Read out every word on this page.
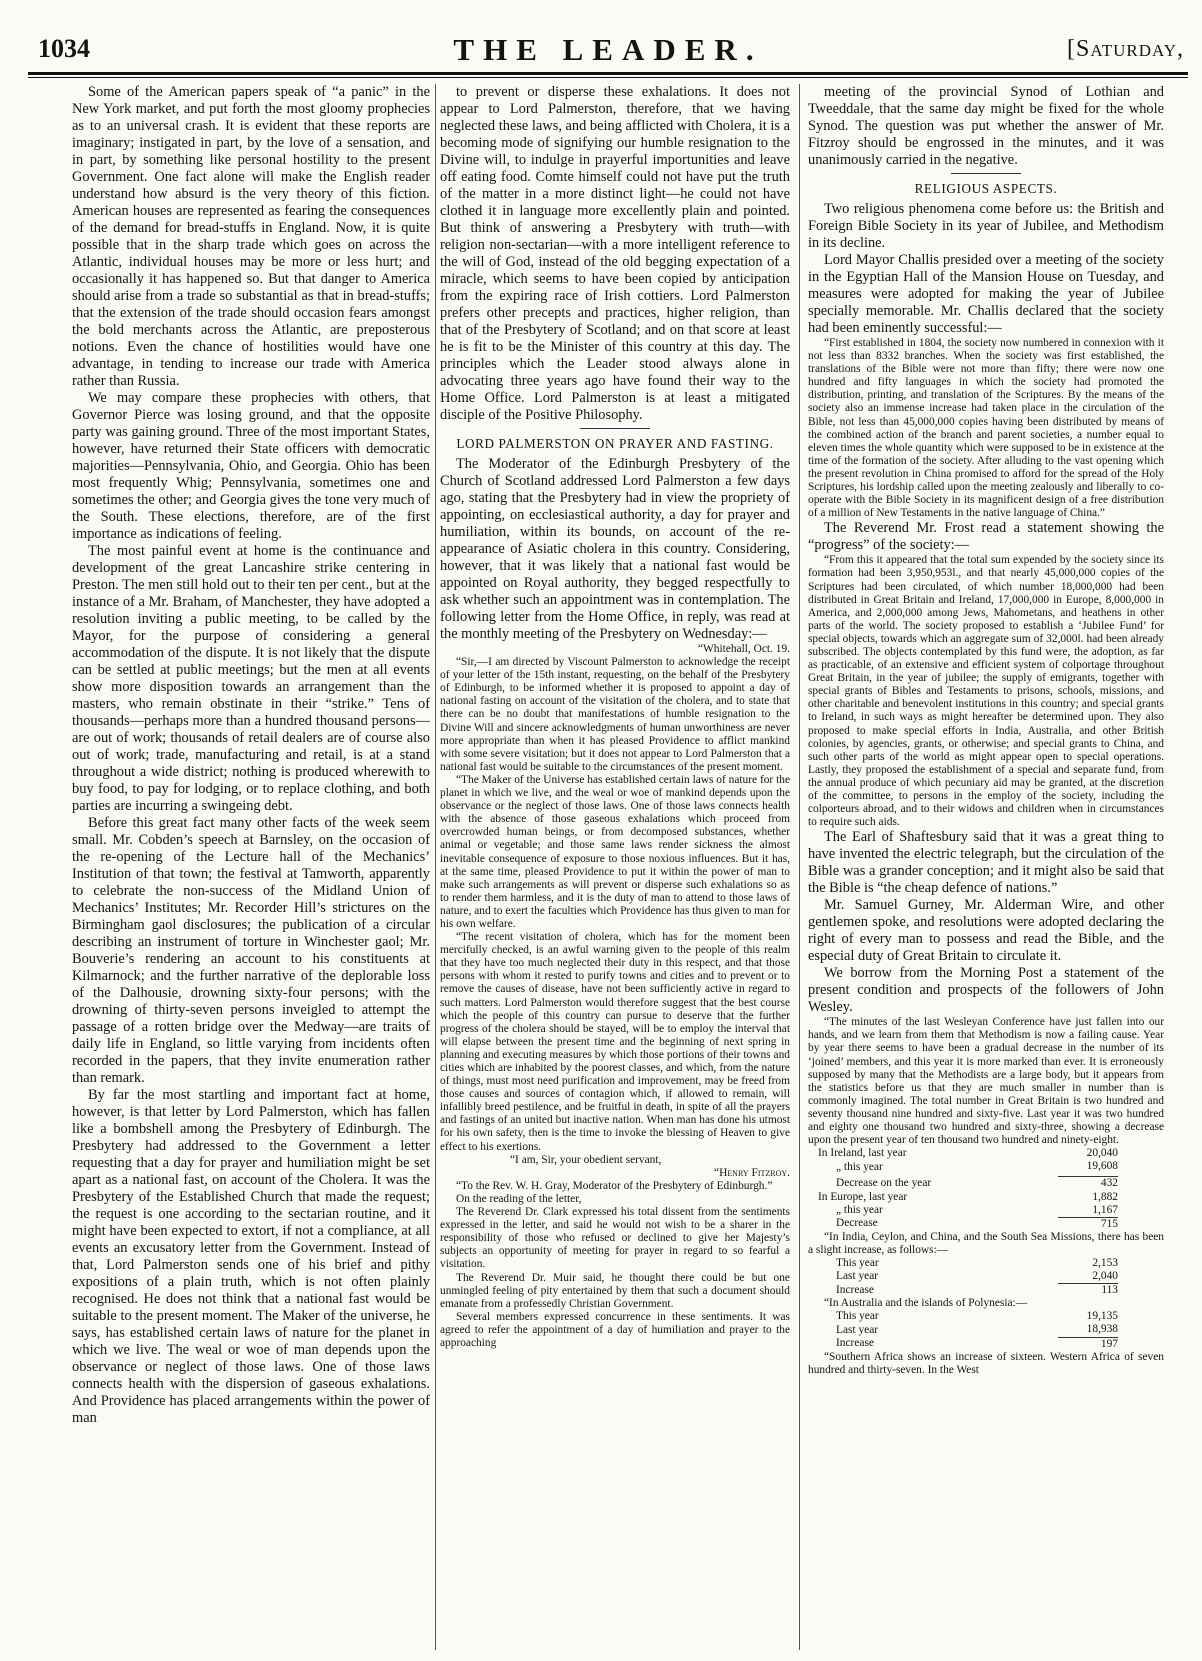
1034	THE LEADER.	[Saturday,

Some of the American papers speak of “a panic” in the New York market, and put forth the most gloomy prophecies as to an universal crash. It is evident that these reports are imaginary; instigated in part, by the love of a sensation, and in part, by something like personal hostility to the present Government. One fact alone will make the English reader understand how absurd is the very theory of this fiction. American houses are represented as fearing the consequences of the demand for bread-stuffs in England. Now, it is quite possible that in the sharp trade which goes on across the Atlantic, individual houses may be more or less hurt; and occasionally it has happened so. But that danger to America should arise from a trade so substantial as that in bread-stuffs; that the extension of the trade should occasion fears amongst the bold merchants across the Atlantic, are preposterous notions. Even the chance of hostilities would have one advantage, in tending to increase our trade with America rather than Russia.

We may compare these prophecies with others, that Governor Pierce was losing ground, and that the opposite party was gaining ground. Three of the most important States, however, have returned their State officers with democratic majorities—Pennsylvania, Ohio, and Georgia. Ohio has been most frequently Whig; Pennsylvania, sometimes one and sometimes the other; and Georgia gives the tone very much of the South. These elections, therefore, are of the first importance as indications of feeling.

The most painful event at home is the continuance and development of the great Lancashire strike centering in Preston. The men still hold out to their ten per cent., but at the instance of a Mr. Braham, of Manchester, they have adopted a resolution inviting a public meeting, to be called by the Mayor, for the purpose of considering a general accommodation of the dispute. It is not likely that the dispute can be settled at public meetings; but the men at all events show more disposition towards an arrangement than the masters, who remain obstinate in their “strike.” Tens of thousands—perhaps more than a hundred thousand persons—are out of work; thousands of retail dealers are of course also out of work; trade, manufacturing and retail, is at a stand throughout a wide district; nothing is produced wherewith to buy food, to pay for lodging, or to replace clothing, and both parties are incurring a swingeing debt.

Before this great fact many other facts of the week seem small. Mr. Cobden’s speech at Barnsley, on the occasion of the re-opening of the Lecture hall of the Mechanics’ Institution of that town; the festival at Tamworth, apparently to celebrate the non-success of the Midland Union of Mechanics’ Institutes; Mr. Recorder Hill’s strictures on the Birmingham gaol disclosures; the publication of a circular describing an instrument of torture in Winchester gaol; Mr. Bouverie’s rendering an account to his constituents at Kilmarnock; and the further narrative of the deplorable loss of the Dalhousie, drowning sixty-four persons; with the drowning of thirty-seven persons inveigled to attempt the passage of a rotten bridge over the Medway—are traits of daily life in England, so little varying from incidents often recorded in the papers, that they invite enumeration rather than remark.

By far the most startling and important fact at home, however, is that letter by Lord Palmerston, which has fallen like a bombshell among the Presbytery of Edinburgh. The Presbytery had addressed to the Government a letter requesting that a day for prayer and humiliation might be set apart as a national fast, on account of the Cholera. It was the Presbytery of the Established Church that made the request; the request is one according to the sectarian routine, and it might have been expected to extort, if not a compliance, at all events an excusatory letter from the Government. Instead of that, Lord Palmerston sends one of his brief and pithy expositions of a plain truth, which is not often plainly recognised. He does not think that a national fast would be suitable to the present moment. The Maker of the universe, he says, has established certain laws of nature for the planet in which we live. The weal or woe of man depends upon the observance or neglect of those laws. One of those laws connects health with the dispersion of gaseous exhalations. And Providence has placed arrangements within the power of man

to prevent or disperse these exhalations. It does not appear to Lord Palmerston, therefore, that we having neglected these laws, and being afflicted with Cholera, it is a becoming mode of signifying our humble resignation to the Divine will, to indulge in prayerful importunities and leave off eating food. Comte himself could not have put the truth of the matter in a more distinct light—he could not have clothed it in language more excellently plain and pointed. But think of answering a Presbytery with truth—with religion non-sectarian—with a more intelligent reference to the will of God, instead of the old begging expectation of a miracle, which seems to have been copied by anticipation from the expiring race of Irish cottiers. Lord Palmerston prefers other precepts and practices, higher religion, than that of the Presbytery of Scotland; and on that score at least he is fit to be the Minister of this country at this day. The principles which the Leader stood always alone in advocating three years ago have found their way to the Home Office. Lord Palmerston is at least a mitigated disciple of the Positive Philosophy.

LORD PALMERSTON ON PRAYER AND FASTING.

The Moderator of the Edinburgh Presbytery of the Church of Scotland addressed Lord Palmerston a few days ago, stating that the Presbytery had in view the propriety of appointing, on ecclesiastical authority, a day for prayer and humiliation, within its bounds, on account of the re-appearance of Asiatic cholera in this country. Considering, however, that it was likely that a national fast would be appointed on Royal authority, they begged respectfully to ask whether such an appointment was in contemplation. The following letter from the Home Office, in reply, was read at the monthly meeting of the Presbytery on Wednesday:—

“Whitehall, Oct. 19.

“Sir,—I am directed by Viscount Palmerston to acknowledge the receipt of your letter of the 15th instant, requesting, on the behalf of the Presbytery of Edinburgh, to be informed whether it is proposed to appoint a day of national fasting on account of the visitation of the cholera, and to state that there can be no doubt that manifestations of humble resignation to the Divine Will and sincere acknowledgments of human unworthiness are never more appropriate than when it has pleased Providence to afflict mankind with some severe visitation; but it does not appear to Lord Palmerston that a national fast would be suitable to the circumstances of the present moment.

“The Maker of the Universe has established certain laws of nature for the planet in which we live, and the weal or woe of mankind depends upon the observance or the neglect of those laws. One of those laws connects health with the absence of those gaseous exhalations which proceed from overcrowded human beings, or from decomposed substances, whether animal or vegetable; and those same laws render sickness the almost inevitable consequence of exposure to those noxious influences. But it has, at the same time, pleased Providence to put it within the power of man to make such arrangements as will prevent or disperse such exhalations so as to render them harmless, and it is the duty of man to attend to those laws of nature, and to exert the faculties which Providence has thus given to man for his own welfare.

“The recent visitation of cholera, which has for the moment been mercifully checked, is an awful warning given to the people of this realm that they have too much neglected their duty in this respect, and that those persons with whom it rested to purify towns and cities and to prevent or to remove the causes of disease, have not been sufficiently active in regard to such matters. Lord Palmerston would therefore suggest that the best course which the people of this country can pursue to deserve that the further progress of the cholera should be stayed, will be to employ the interval that will elapse between the present time and the beginning of next spring in planning and executing measures by which those portions of their towns and cities which are inhabited by the poorest classes, and which, from the nature of things, must most need purification and improvement, may be freed from those causes and sources of contagion which, if allowed to remain, will infallibly breed pestilence, and be fruitful in death, in spite of all the prayers and fastings of an united but inactive nation. When man has done his utmost for his own safety, then is the time to invoke the blessing of Heaven to give effect to his exertions.

“I am, Sir, your obedient servant,

“Henry Fitzroy.

“To the Rev. W. H. Gray, Moderator of the Presbytery of Edinburgh.”

On the reading of the letter,

The Reverend Dr. Clark expressed his total dissent from the sentiments expressed in the letter, and said he would not wish to be a sharer in the responsibility of those who refused or declined to give her Majesty’s subjects an opportunity of meeting for prayer in regard to so fearful a visitation.

The Reverend Dr. Muir said, he thought there could be but one unmingled feeling of pity entertained by them that such a document should emanate from a professedly Christian Government.

Several members expressed concurrence in these sentiments. It was agreed to refer the appointment of a day of humiliation and prayer to the approaching

meeting of the provincial Synod of Lothian and Tweeddale, that the same day might be fixed for the whole Synod. The question was put whether the answer of Mr. Fitzroy should be engrossed in the minutes, and it was unanimously carried in the negative.

RELIGIOUS ASPECTS.

Two religious phenomena come before us: the British and Foreign Bible Society in its year of Jubilee, and Methodism in its decline.

Lord Mayor Challis presided over a meeting of the society in the Egyptian Hall of the Mansion House on Tuesday, and measures were adopted for making the year of Jubilee specially memorable. Mr. Challis declared that the society had been eminently successful:—

“First established in 1804, the society now numbered in connexion with it not less than 8332 branches. When the society was first established, the translations of the Bible were not more than fifty; there were now one hundred and fifty languages in which the society had promoted the distribution, printing, and translation of the Scriptures. By the means of the society also an immense increase had taken place in the circulation of the Bible, not less than 45,000,000 copies having been distributed by means of the combined action of the branch and parent societies, a number equal to eleven times the whole quantity which were supposed to be in existence at the time of the formation of the society. After alluding to the vast opening which the present revolution in China promised to afford for the spread of the Holy Scriptures, his lordship called upon the meeting zealously and liberally to co-operate with the Bible Society in its magnificent design of a free distribution of a million of New Testaments in the native language of China.”

The Reverend Mr. Frost read a statement showing the “progress” of the society:—

“From this it appeared that the total sum expended by the society since its formation had been 3,950,953l., and that nearly 45,000,000 copies of the Scriptures had been circulated, of which number 18,000,000 had been distributed in Great Britain and Ireland, 17,000,000 in Europe, 8,000,000 in America, and 2,000,000 among Jews, Mahometans, and heathens in other parts of the world. The society proposed to establish a ‘Jubilee Fund’ for special objects, towards which an aggregate sum of 32,000l. had been already subscribed. The objects contemplated by this fund were, the adoption, as far as practicable, of an extensive and efficient system of colportage throughout Great Britain, in the year of jubilee; the supply of emigrants, together with special grants of Bibles and Testaments to prisons, schools, missions, and other charitable and benevolent institutions in this country; and special grants to Ireland, in such ways as might hereafter be determined upon. They also proposed to make special efforts in India, Australia, and other British colonies, by agencies, grants, or otherwise; and special grants to China, and such other parts of the world as might appear open to special operations. Lastly, they proposed the establishment of a special and separate fund, from the annual produce of which pecuniary aid may be granted, at the discretion of the committee, to persons in the employ of the society, including the colporteurs abroad, and to their widows and children when in circumstances to require such aids.

The Earl of Shaftesbury said that it was a great thing to have invented the electric telegraph, but the circulation of the Bible was a grander conception; and it might also be said that the Bible is “the cheap defence of nations.”

Mr. Samuel Gurney, Mr. Alderman Wire, and other gentlemen spoke, and resolutions were adopted declaring the right of every man to possess and read the Bible, and the especial duty of Great Britain to circulate it.

We borrow from the Morning Post a statement of the present condition and prospects of the followers of John Wesley.

“The minutes of the last Wesleyan Conference have just fallen into our hands, and we learn from them that Methodism is now a failing cause. Year by year there seems to have been a gradual decrease in the number of its ‘joined’ members, and this year it is more marked than ever. It is erroneously supposed by many that the Methodists are a large body, but it appears from the statistics before us that they are much smaller in number than is commonly imagined. The total number in Great Britain is two hundred and seventy thousand nine hundred and sixty-five. Last year it was two hundred and eighty one thousand two hundred and sixty-three, showing a decrease upon the present year of ten thousand two hundred and ninety-eight.

In Ireland, last year	20,040
„ this year	19,608
Decrease on the year	432
In Europe, last year	1,882
„ this year	1,167
Decrease	715

“In India, Ceylon, and China, and the South Sea Missions, there has been a slight increase, as follows:—

This year	2,153
Last year	2,040
Increase	113

“In Australia and the islands of Polynesia:—

This year	19,135
Last year	18,938
Increase	197

“Southern Africa shows an increase of sixteen. Western Africa of seven hundred and thirty-seven. In the West
